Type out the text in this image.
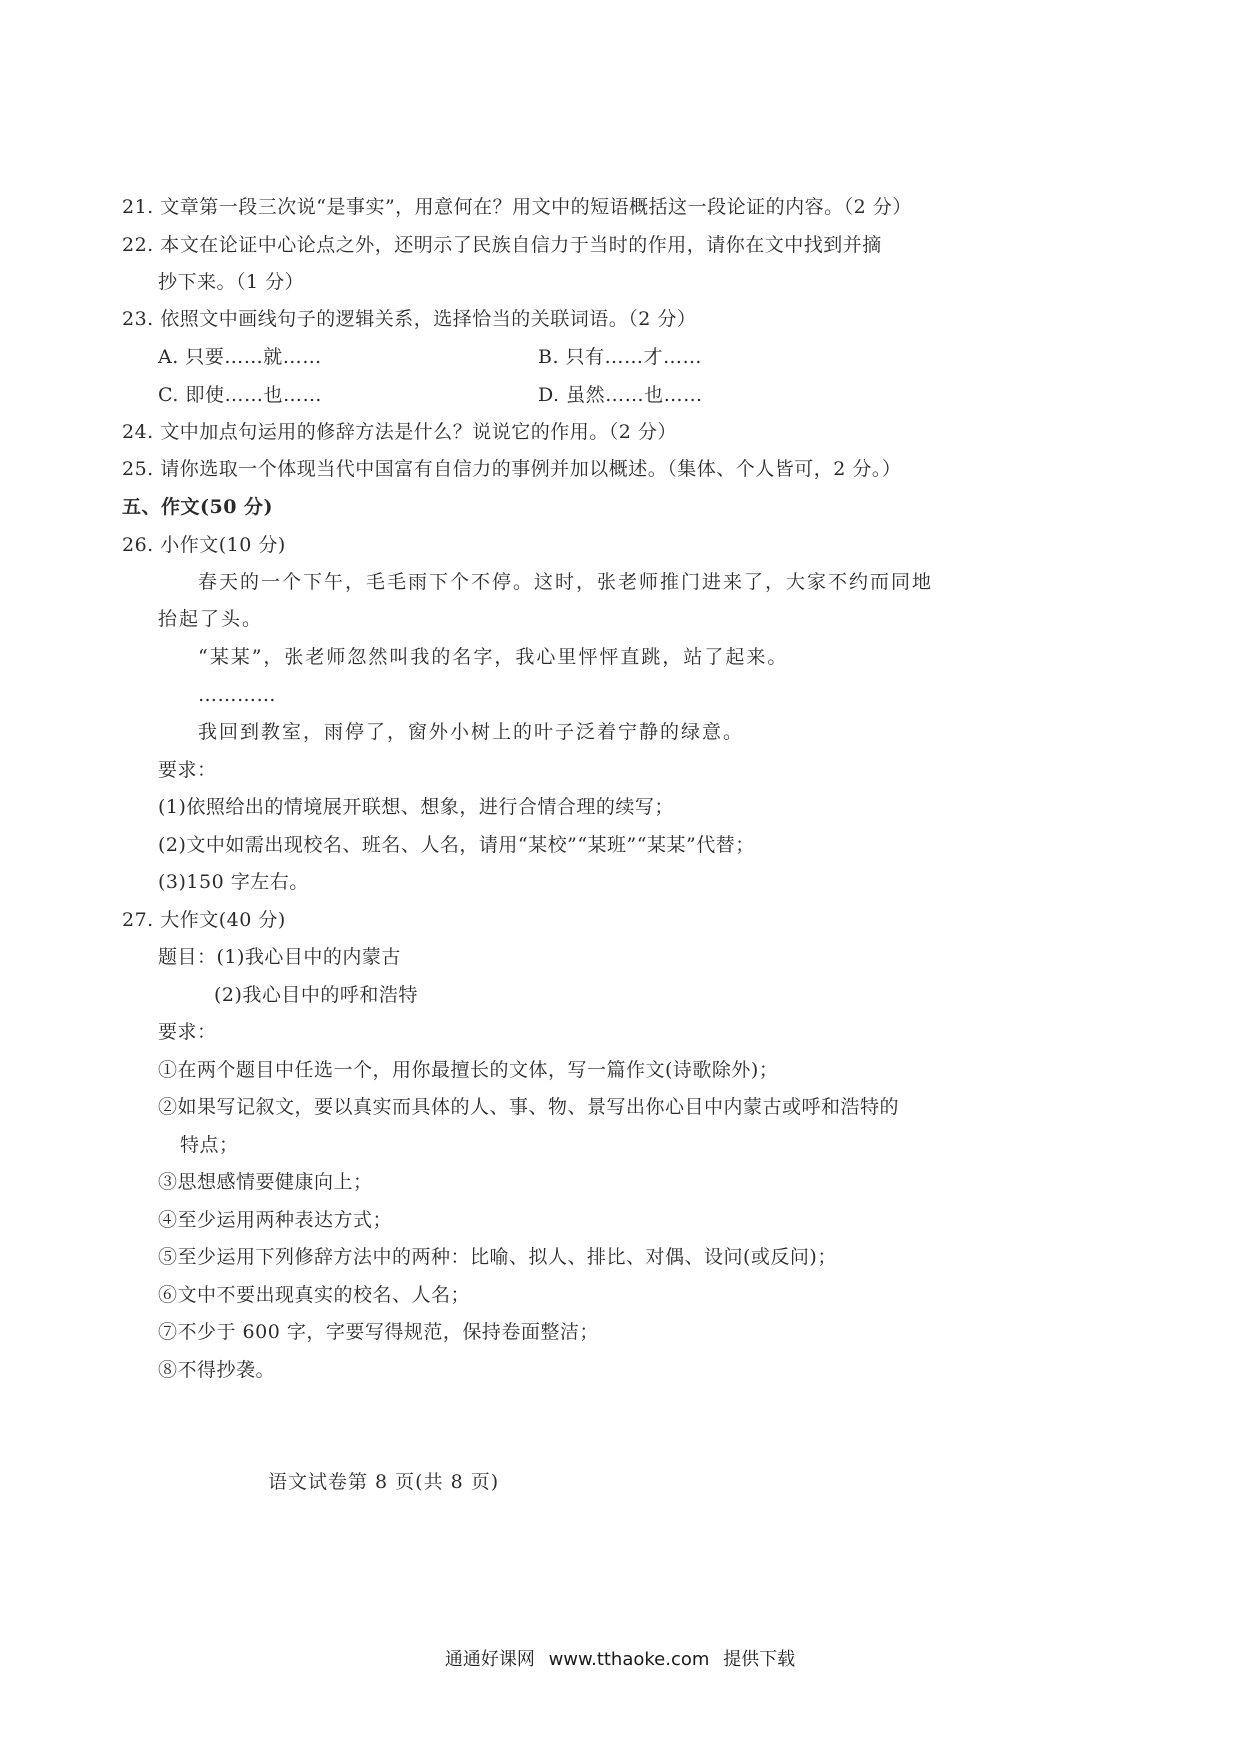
21. 文章第一段三次说“是事实”，用意何在？用文中的短语概括这一段论证的内容。（2 分）
22. 本文在论证中心论点之外，还明示了民族自信力于当时的作用，请你在文中找到并摘
抄下来。（1 分）
23. 依照文中画线句子的逻辑关系，选择恰当的关联词语。（2 分）
A. 只要……就……	B. 只有……才……
C. 即使……也……	D. 虽然……也……
24. 文中加点句运用的修辞方法是什么？说说它的作用。（2 分）
25. 请你选取一个体现当代中国富有自信力的事例并加以概述。（集体、个人皆可，2 分。）
五、作文(50 分)
26. 小作文(10 分)
春天的一个下午，毛毛雨下个不停。这时，张老师推门进来了，大家不约而同地
抬起了头。
“某某”，张老师忽然叫我的名字，我心里怦怦直跳，站了起来。
…………
我回到教室，雨停了，窗外小树上的叶子泛着宁静的绿意。
要求：
(1)依照给出的情境展开联想、想象，进行合情合理的续写；
(2)文中如需出现校名、班名、人名，请用“某校”“某班”“某某”代替；
(3)150 字左右。
27. 大作文(40 分)
题目：(1)我心目中的内蒙古
(2)我心目中的呼和浩特
要求：
①在两个题目中任选一个，用你最擅长的文体，写一篇作文(诗歌除外)；
②如果写记叙文，要以真实而具体的人、事、物、景写出你心目中内蒙古或呼和浩特的
特点；
③思想感情要健康向上；
④至少运用两种表达方式；
⑤至少运用下列修辞方法中的两种：比喻、拟人、排比、对偶、设问(或反问)；
⑥文中不要出现真实的校名、人名；
⑦不少于 600 字，字要写得规范，保持卷面整洁；
⑧不得抄袭。
语文试卷第 8 页(共 8 页)
通通好课网 www.tthaoke.com 提供下载
